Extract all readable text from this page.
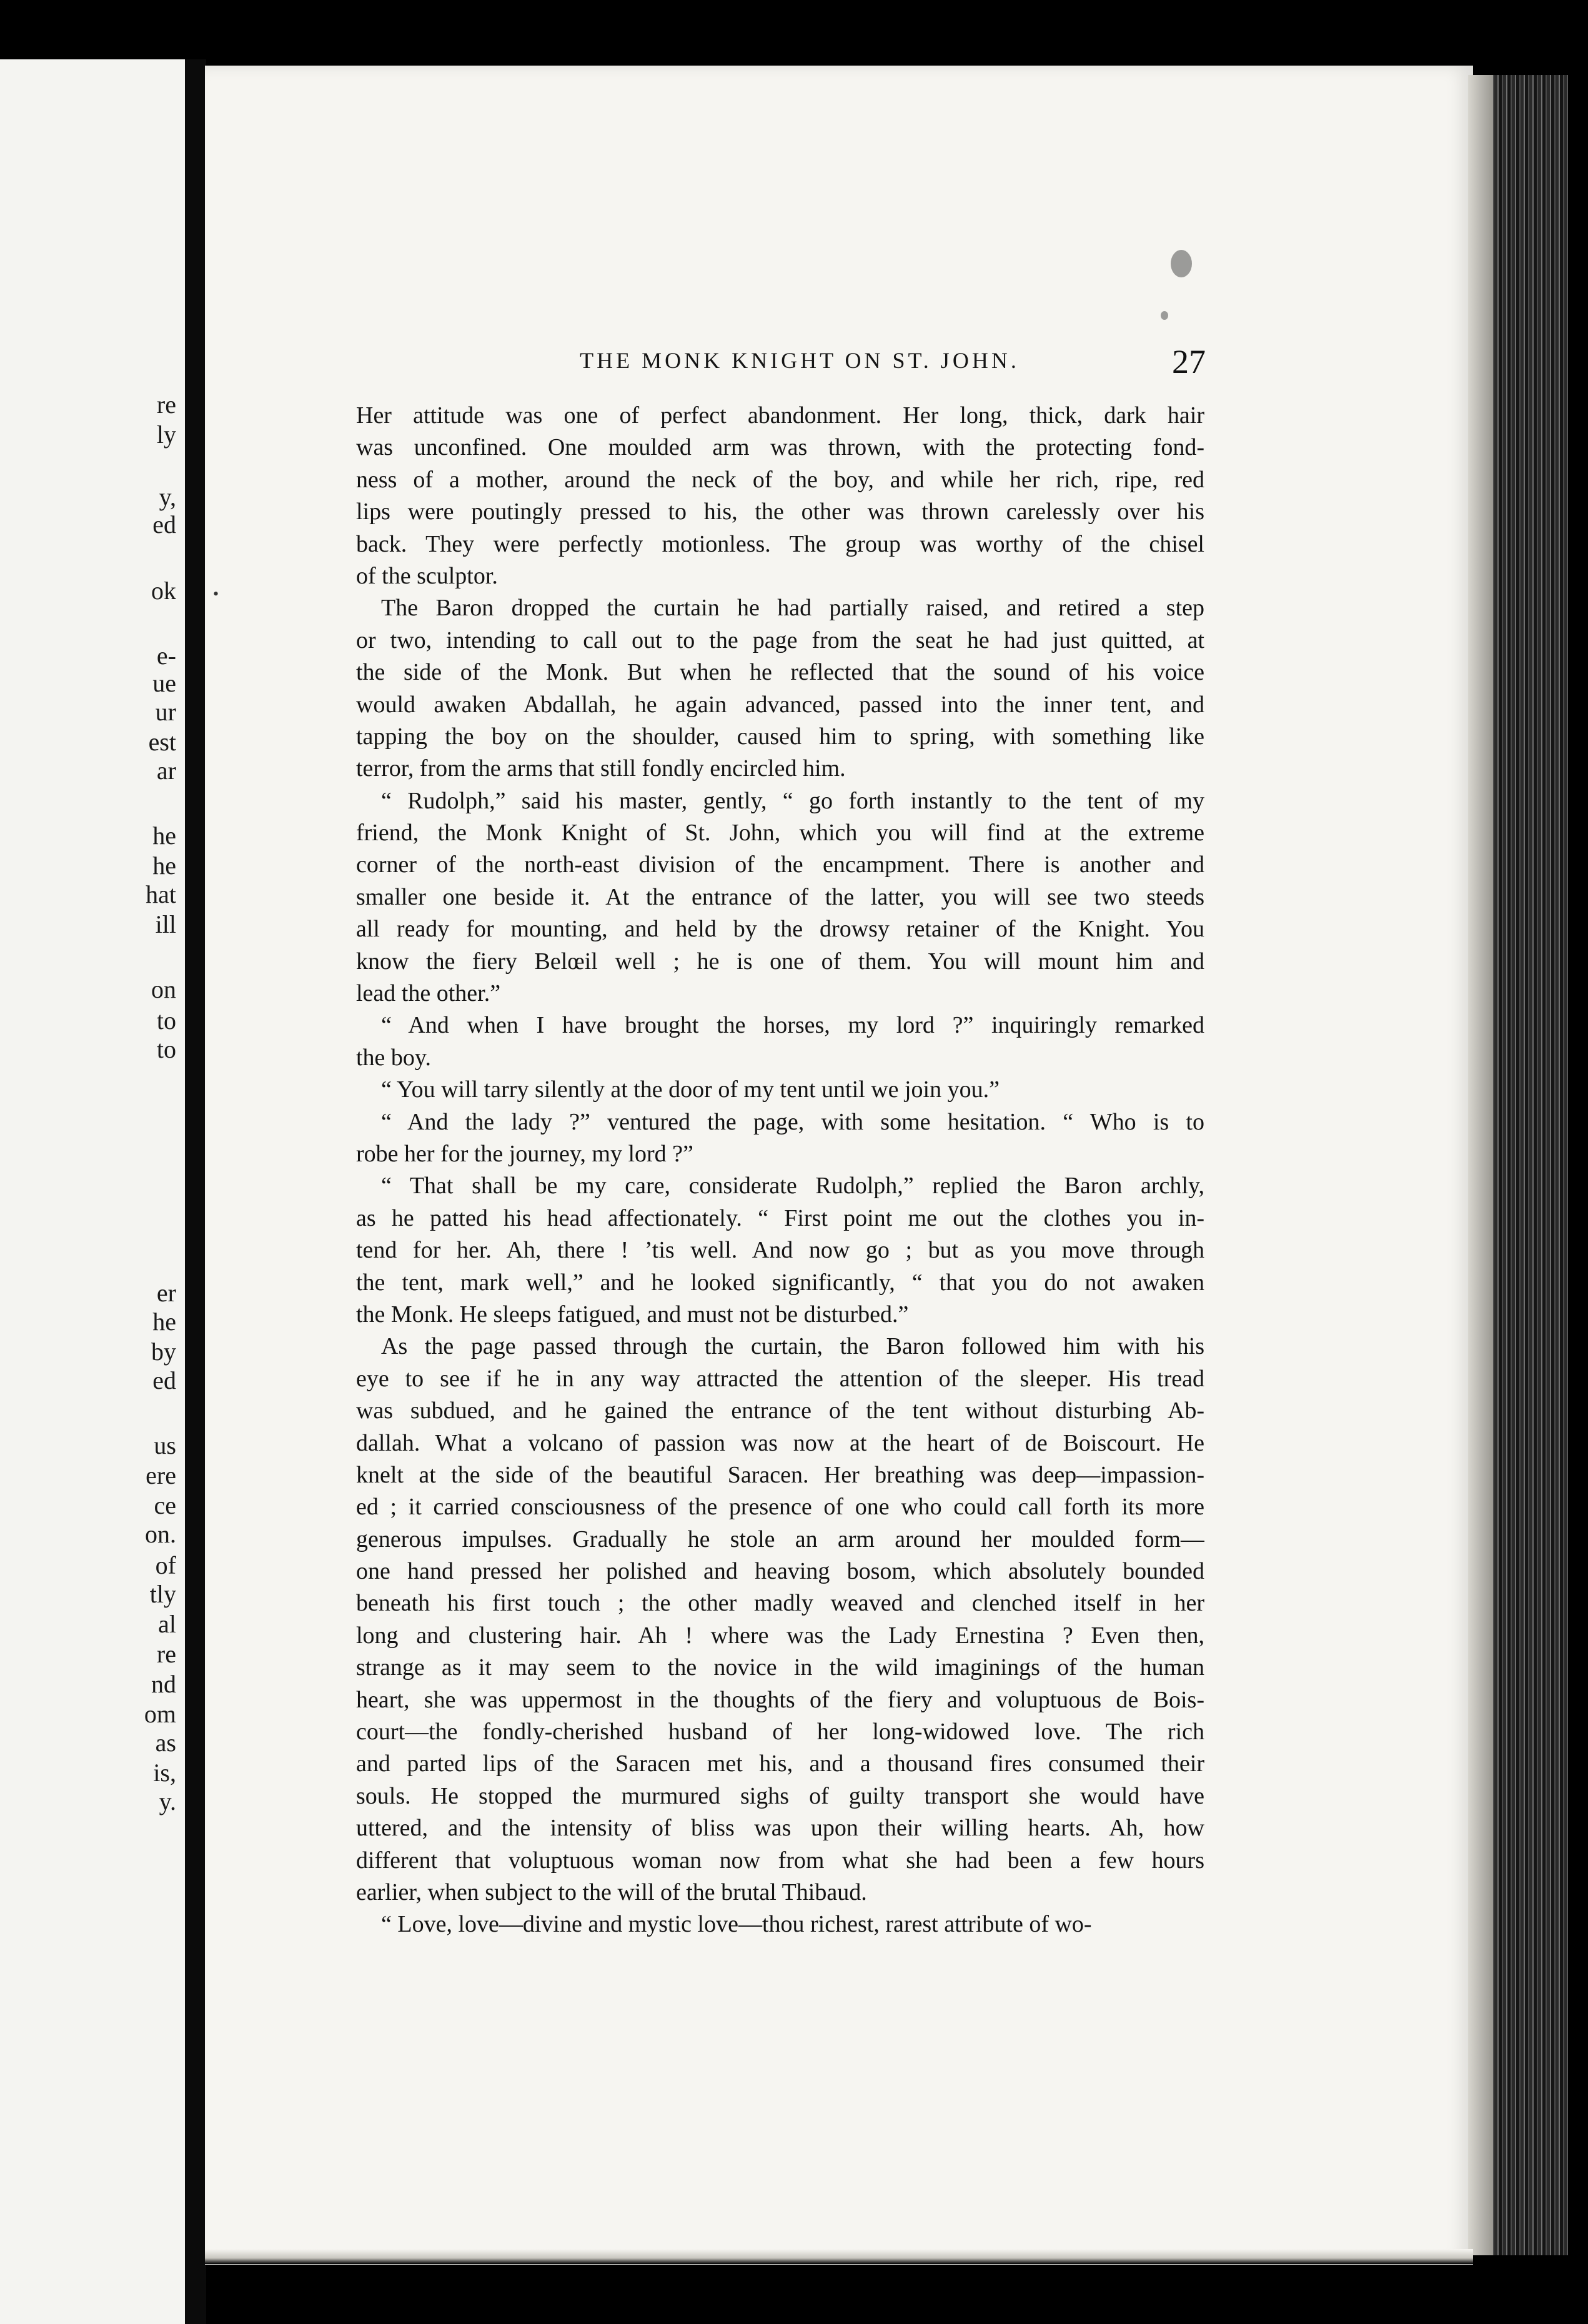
re
ly
y,
ed
ok
e-
ue
ur
est
ar
he
he
hat
ill
on
to
to
er
he
by
ed
us
ere
ce
on.
of
tly
al
re
nd
om
as
is,
y.
•
THE MONK KNIGHT ON ST. JOHN.	27
Her attitude was one of perfect abandonment. Her long, thick, dark hair
was unconfined. One moulded arm was thrown, with the protecting fond-
ness of a mother, around the neck of the boy, and while her rich, ripe, red
lips were poutingly pressed to his, the other was thrown carelessly over his
back. They were perfectly motionless. The group was worthy of the chisel
of the sculptor.
The Baron dropped the curtain he had partially raised, and retired a step
or two, intending to call out to the page from the seat he had just quitted, at
the side of the Monk. But when he reflected that the sound of his voice
would awaken Abdallah, he again advanced, passed into the inner tent, and
tapping the boy on the shoulder, caused him to spring, with something like
terror, from the arms that still fondly encircled him.
“ Rudolph,” said his master, gently, “ go forth instantly to the tent of my
friend, the Monk Knight of St. John, which you will find at the extreme
corner of the north-east division of the encampment. There is another and
smaller one beside it. At the entrance of the latter, you will see two steeds
all ready for mounting, and held by the drowsy retainer of the Knight. You
know the fiery Belœil well ; he is one of them. You will mount him and
lead the other.”
“ And when I have brought the horses, my lord ?” inquiringly remarked
the boy.
“ You will tarry silently at the door of my tent until we join you.”
“ And the lady ?” ventured the page, with some hesitation. “ Who is to
robe her for the journey, my lord ?”
“ That shall be my care, considerate Rudolph,” replied the Baron archly,
as he patted his head affectionately. “ First point me out the clothes you in-
tend for her. Ah, there ! ’tis well. And now go ; but as you move through
the tent, mark well,” and he looked significantly, “ that you do not awaken
the Monk. He sleeps fatigued, and must not be disturbed.”
As the page passed through the curtain, the Baron followed him with his
eye to see if he in any way attracted the attention of the sleeper. His tread
was subdued, and he gained the entrance of the tent without disturbing Ab-
dallah. What a volcano of passion was now at the heart of de Boiscourt. He
knelt at the side of the beautiful Saracen. Her breathing was deep—impassion-
ed ; it carried consciousness of the presence of one who could call forth its more
generous impulses. Gradually he stole an arm around her moulded form—
one hand pressed her polished and heaving bosom, which absolutely bounded
beneath his first touch ; the other madly weaved and clenched itself in her
long and clustering hair. Ah ! where was the Lady Ernestina ? Even then,
strange as it may seem to the novice in the wild imaginings of the human
heart, she was uppermost in the thoughts of the fiery and voluptuous de Bois-
court—the fondly-cherished husband of her long-widowed love. The rich
and parted lips of the Saracen met his, and a thousand fires consumed their
souls. He stopped the murmured sighs of guilty transport she would have
uttered, and the intensity of bliss was upon their willing hearts. Ah, how
different that voluptuous woman now from what she had been a few hours
earlier, when subject to the will of the brutal Thibaud.
“ Love, love—divine and mystic love—thou richest, rarest attribute of wo-
